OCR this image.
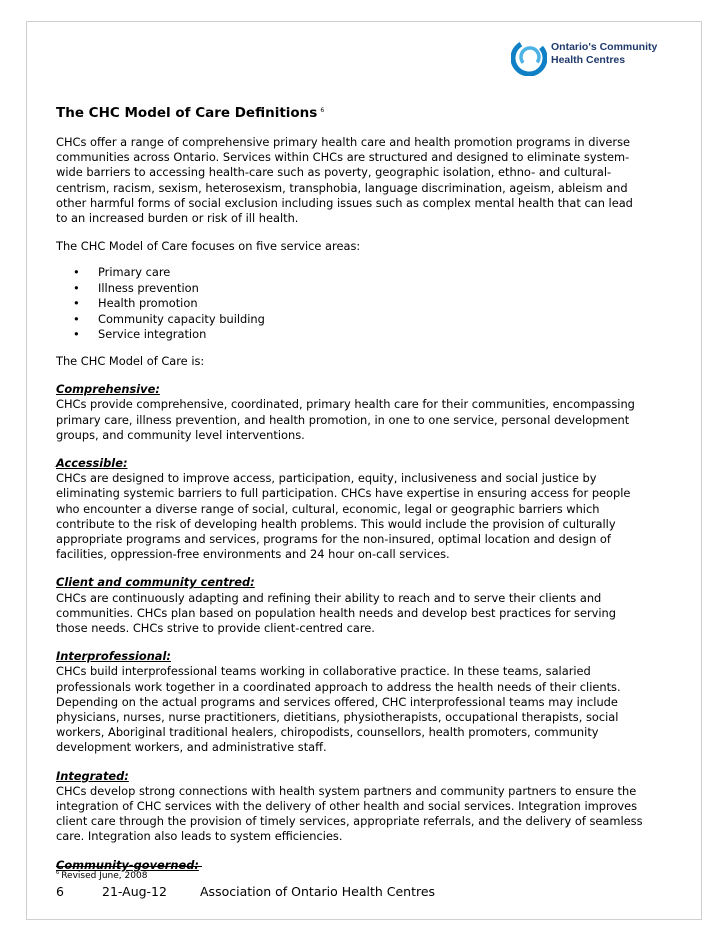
Ontario's Community
Health Centres
The CHC Model of Care Definitions $^6$

CHCs offer a range of comprehensive primary health care and health promotion programs in diverse communities across Ontario. Services within CHCs are structured and designed to eliminate system-wide barriers to accessing health-care such as poverty, geographic isolation, ethno- and cultural-centrism, racism, sexism, heterosexism, transphobia, language discrimination, ageism, ableism and other harmful forms of social exclusion including issues such as complex mental health that can lead to an increased burden or risk of ill health.

The CHC Model of Care focuses on five service areas:

• Primary care
• Illness prevention
• Health promotion
• Community capacity building
• Service integration

The CHC Model of Care is:

Comprehensive:

CHCs provide comprehensive, coordinated, primary health care for their communities, encompassing primary care, illness prevention, and health promotion, in one to one service, personal development groups, and community level interventions.

Accessible:

CHCs are designed to improve access, participation, equity, inclusiveness and social justice by eliminating systemic barriers to full participation. CHCs have expertise in ensuring access for people who encounter a diverse range of social, cultural, economic, legal or geographic barriers which contribute to the risk of developing health problems. This would include the provision of culturally appropriate programs and services, programs for the non-insured, optimal location and design of facilities, oppression-free environments and 24 hour on-call services.

Client and community centred:

CHCs are continuously adapting and refining their ability to reach and to serve their clients and communities. CHCs plan based on population health needs and develop best practices for serving those needs. CHCs strive to provide client-centred care.

Interprofessional:

CHCs build interprofessional teams working in collaborative practice. In these teams, salaried professionals work together in a coordinated approach to address the health needs of their clients. Depending on the actual programs and services offered, CHC interprofessional teams may include physicians, nurses, nurse practitioners, dietitians, physiotherapists, occupational therapists, social workers, Aboriginal traditional healers, chiropodists, counsellors, health promoters, community development workers, and administrative staff.

Integrated:

CHCs develop strong connections with health system partners and community partners to ensure the integration of CHC services with the delivery of other health and social services. Integration improves client care through the provision of timely services, appropriate referrals, and the delivery of seamless care. Integration also leads to system efficiencies.

Community-governed:

$^6$ Revised June, 2008
6	21-Aug-12	Association of Ontario Health Centres
